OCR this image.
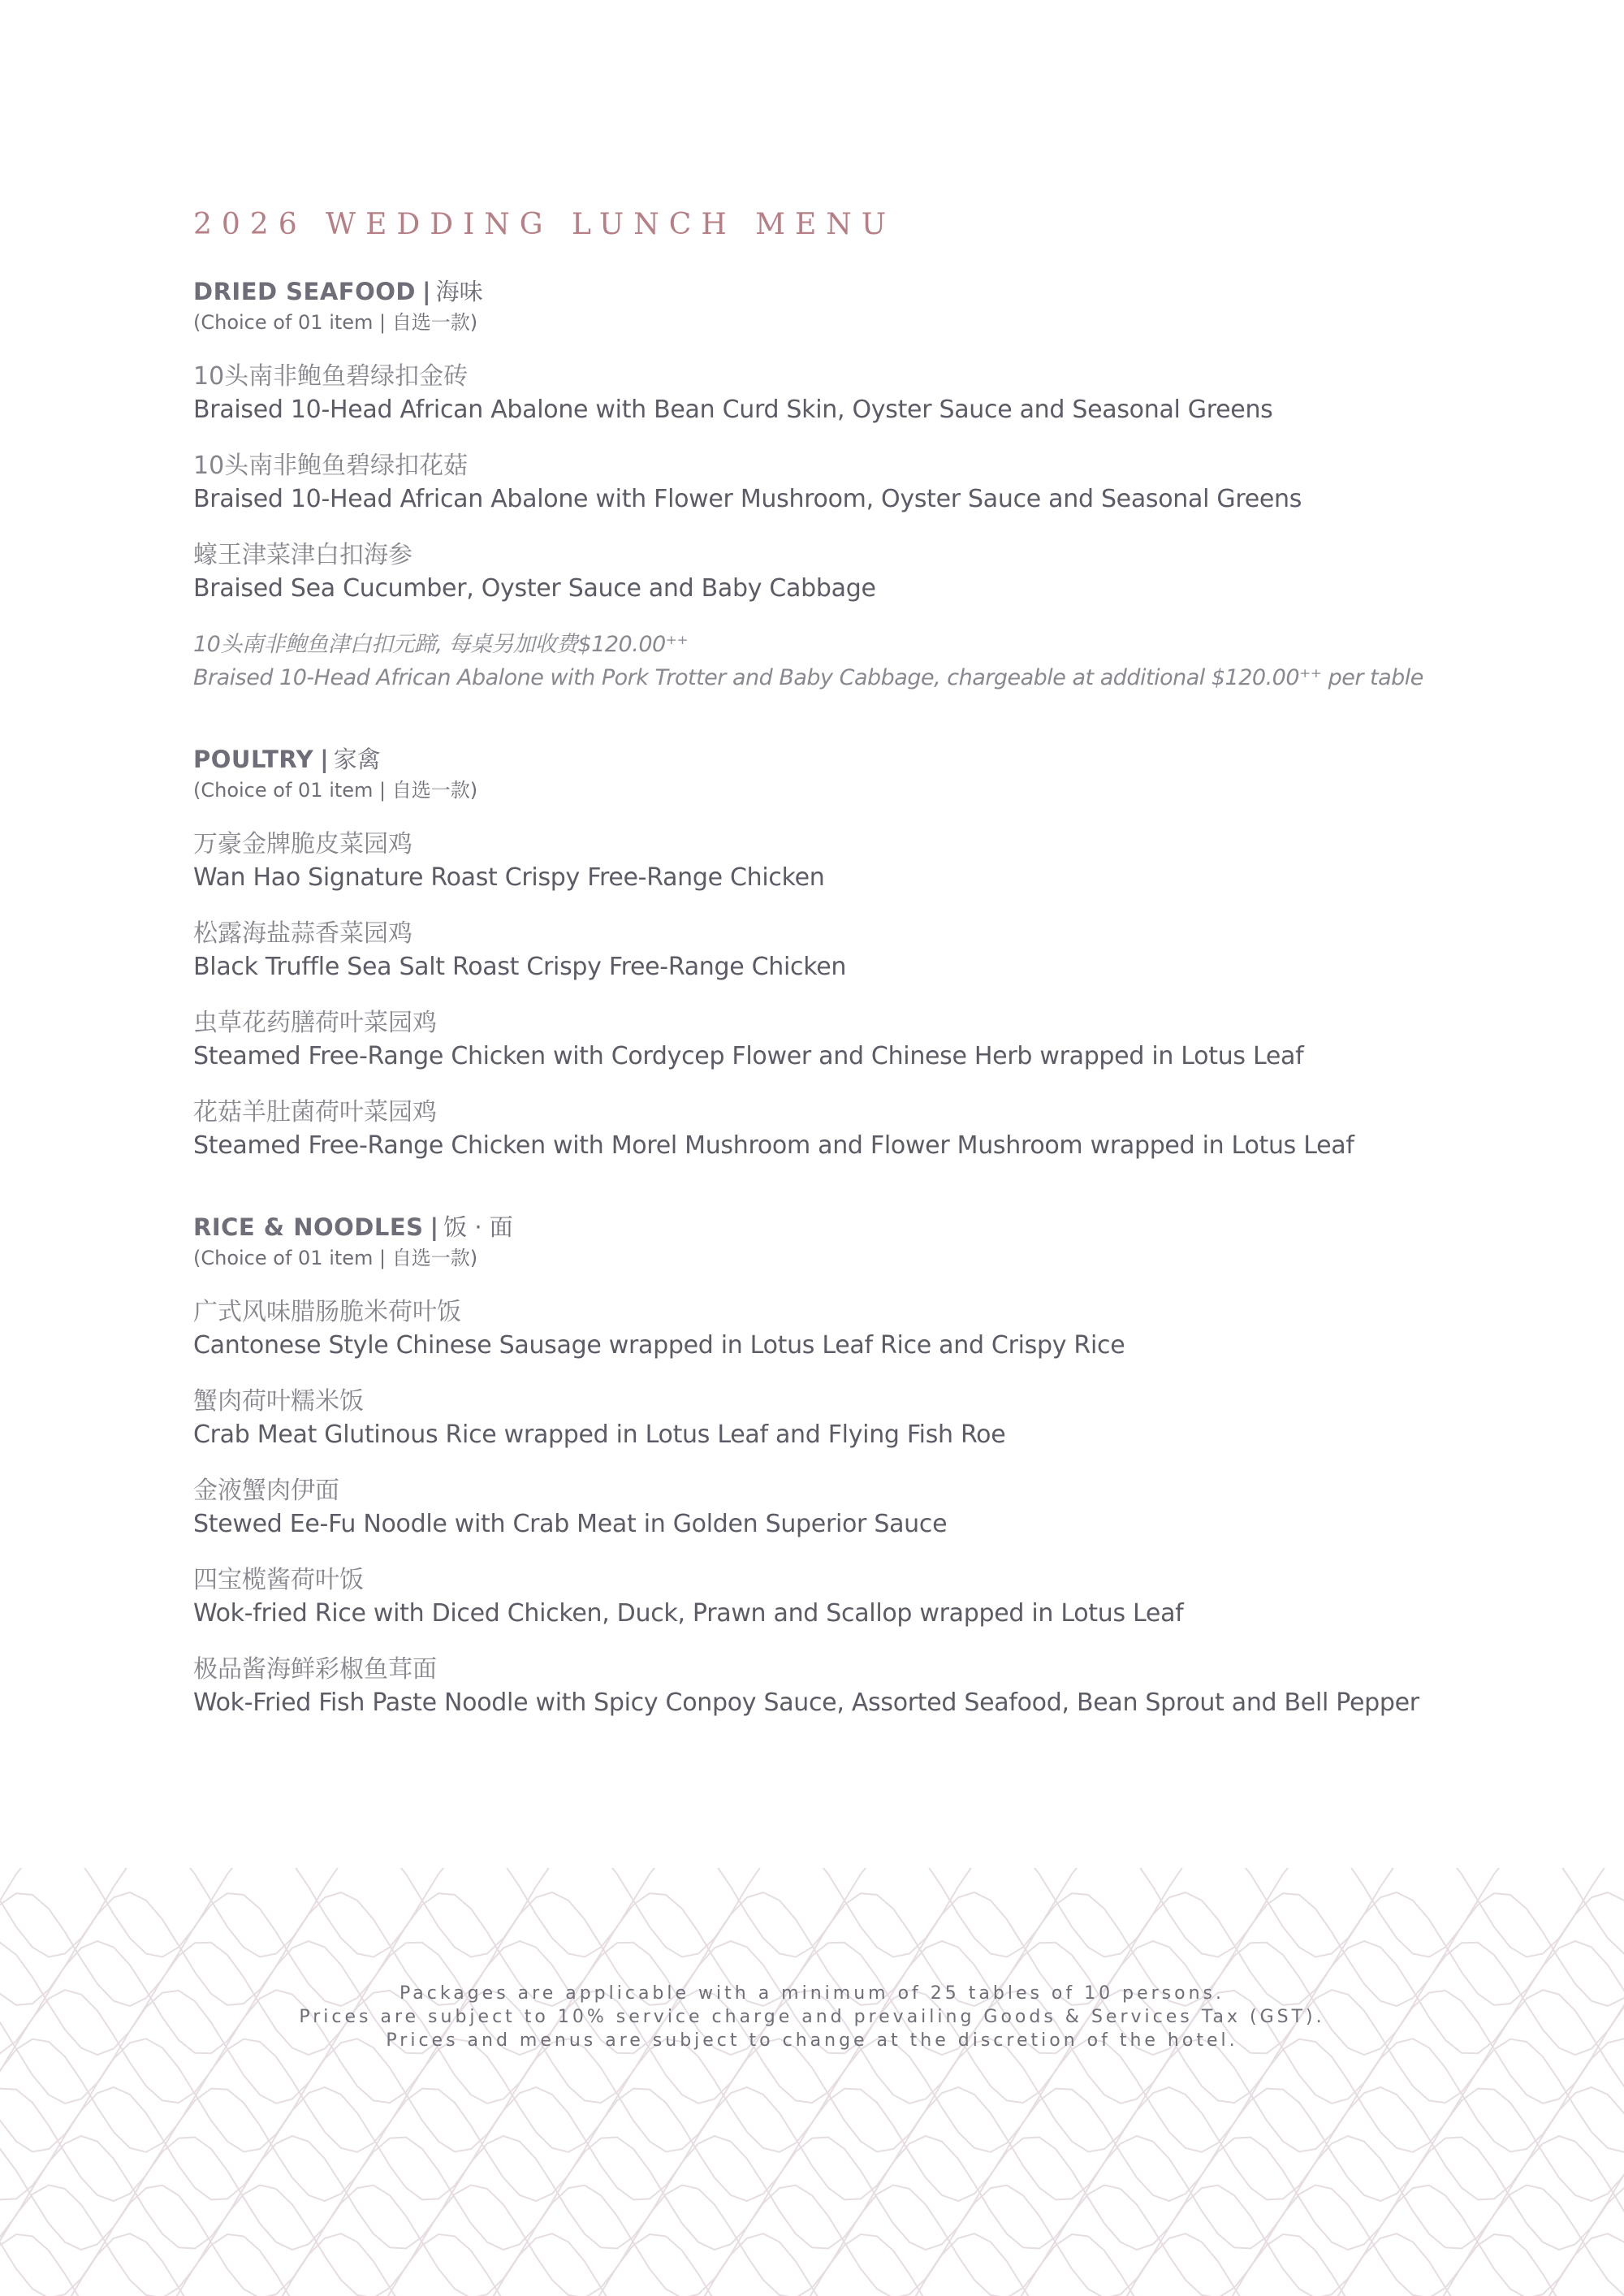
2026 WEDDING LUNCH MENU
DRIED SEAFOOD | 海味
(Choice of 01 item | 自选一款)
10头南非鲍鱼碧绿扣金砖
Braised 10-Head African Abalone with Bean Curd Skin, Oyster Sauce and Seasonal Greens
10头南非鲍鱼碧绿扣花菇
Braised 10-Head African Abalone with Flower Mushroom, Oyster Sauce and Seasonal Greens
蠔王津菜津白扣海参
Braised Sea Cucumber, Oyster Sauce and Baby Cabbage
10头南非鲍鱼津白扣元蹄, 每桌另加收费$120.00⁺⁺
Braised 10-Head African Abalone with Pork Trotter and Baby Cabbage, chargeable at additional $120.00⁺⁺ per table
POULTRY | 家禽
(Choice of 01 item | 自选一款)
万豪金牌脆皮菜园鸡
Wan Hao Signature Roast Crispy Free-Range Chicken
松露海盐蒜香菜园鸡
Black Truffle Sea Salt Roast Crispy Free-Range Chicken
虫草花药膳荷叶菜园鸡
Steamed Free-Range Chicken with Cordycep Flower and Chinese Herb wrapped in Lotus Leaf
花菇羊肚菌荷叶菜园鸡
Steamed Free-Range Chicken with Morel Mushroom and Flower Mushroom wrapped in Lotus Leaf
RICE & NOODLES | 饭 · 面
(Choice of 01 item | 自选一款)
广式风味腊肠脆米荷叶饭
Cantonese Style Chinese Sausage wrapped in Lotus Leaf Rice and Crispy Rice
蟹肉荷叶糯米饭
Crab Meat Glutinous Rice wrapped in Lotus Leaf and Flying Fish Roe
金液蟹肉伊面
Stewed Ee-Fu Noodle with Crab Meat in Golden Superior Sauce
四宝榄酱荷叶饭
Wok-fried Rice with Diced Chicken, Duck, Prawn and Scallop wrapped in Lotus Leaf
极品酱海鲜彩椒鱼茸面
Wok-Fried Fish Paste Noodle with Spicy Conpoy Sauce, Assorted Seafood, Bean Sprout and Bell Pepper
Packages are applicable with a minimum of 25 tables of 10 persons.
Prices are subject to 10% service charge and prevailing Goods & Services Tax (GST).
Prices and menus are subject to change at the discretion of the hotel.
